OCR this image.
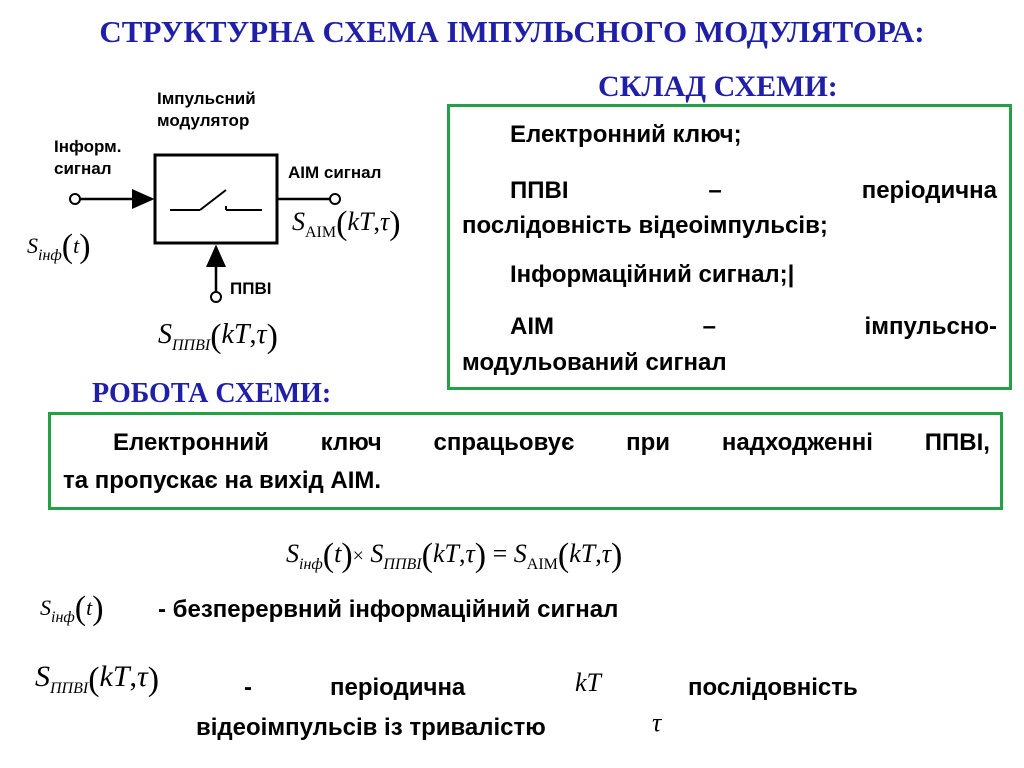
СТРУКТУРНА СХЕМА ІМПУЛЬСНОГО МОДУЛЯТОРА:
Імпульсний
модулятор
Інформ.
сигнал	АІМ сигнал
ППВІ
$S_{інф}(t)$
$S_{АІМ}(kT,\tau)$
$S_{ППВІ}(kT,\tau)$
СКЛАД СХЕМИ:
Електронний ключ;
ППВІ	–	періодична
послідовність відеоімпульсів;
Інформаційний сигнал;|
АІМ	–	імпульсно-
модульований сигнал
РОБОТА СХЕМИ:
Електронний ключ спрацьовує при надходженні ППВІ,
та пропускає на вихід АІМ.
$S_{інф}(t)\times S_{ППВІ}(kT,\tau) = S_{АІМ}(kT,\tau)$
$S_{інф}(t)$ - безперервний інформаційний сигнал
$S_{ППВІ}(kT,\tau)$	-	періодична	kT	послідовність
відеоімпульсів із тривалістю	τ
